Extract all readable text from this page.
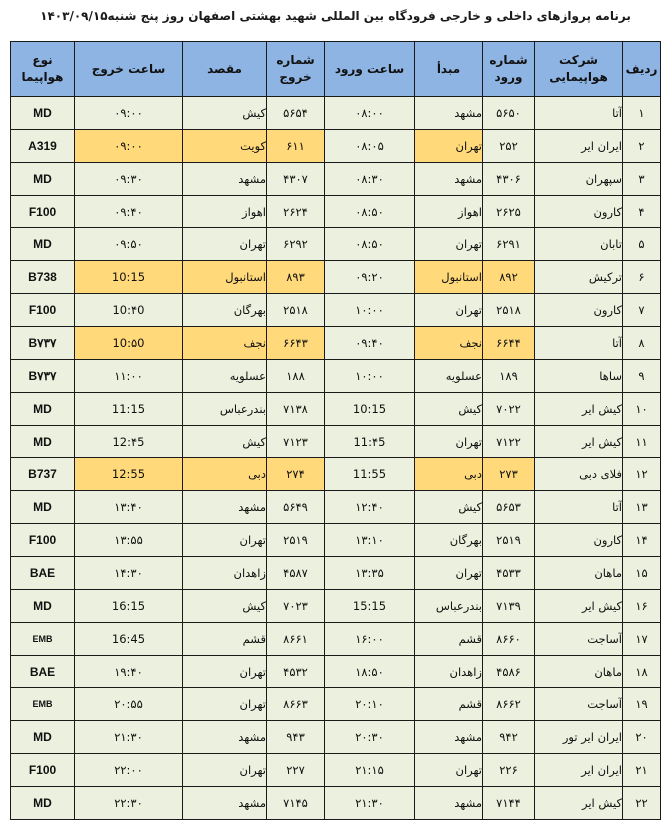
برنامه پروازهای داخلی و خارجی فرودگاه بین المللی شهید بهشتی اصفهان روز پنج شنبه۱۴۰۳/۰۹/۱۵
ردیف	شرکت هواپیمایی	شماره ورود	مبدأ	ساعت ورود	شماره خروج	مقصد	ساعت خروج	نوع هواپیما
۱	آتا	۵۶۵۰	مشهد	۰۸:۰۰	۵۶۵۴	کیش	۰۹:۰۰	MD
۲	ایران ایر	۲۵۲	تهران	۰۸:۰۵	۶۱۱	کویت	۰۹:۰۰	A319
۳	سپهران	۴۳۰۶	مشهد	۰۸:۳۰	۴۳۰۷	مشهد	۰۹:۳۰	MD
۴	کارون	۲۶۲۵	اهواز	۰۸:۵۰	۲۶۲۴	اهواز	۰۹:۴۰	F100
۵	تابان	۶۲۹۱	تهران	۰۸:۵۰	۶۲۹۲	تهران	۰۹:۵۰	MD
۶	ترکیش	۸۹۲	استانبول	۰۹:۲۰	۸۹۳	استانبول	10:15	B738
۷	کارون	۲۵۱۸	تهران	۱۰:۰۰	۲۵۱۸	بهرگان	10:۴0	F100
۸	آتا	۶۶۴۴	نجف	۰۹:۴۰	۶۶۴۳	نجف	10:۵0	B۷۳۷
۹	ساها	۱۸۹	عسلویه	۱۰:۰۰	۱۸۸	عسلویه	۱۱:۰۰	B۷۳۷
۱۰	کیش ایر	۷۰۲۲	کیش	10:15	۷۱۳۸	بندرعباس	11:15	MD
۱۱	کیش ایر	۷۱۲۲	تهران	11:۴5	۷۱۲۳	کیش	12:۴5	MD
۱۲	فلای دبی	۲۷۳	دبی	11:55	۲۷۴	دبی	12:55	B737
۱۳	آتا	۵۶۵۳	کیش	۱۲:۴۰	۵۶۴۹	مشهد	۱۳:۴۰	MD
۱۴	کارون	۲۵۱۹	بهرگان	۱۳:۱۰	۲۵۱۹	تهران	۱۳:۵۵	F100
۱۵	ماهان	۴۵۳۳	تهران	۱۳:۳۵	۴۵۸۷	زاهدان	۱۴:۳۰	BAE
۱۶	کیش ایر	۷۱۳۹	بندرعباس	15:15	۷۰۲۳	کیش	16:15	MD
۱۷	آساجت	۸۶۶۰	قشم	۱۶:۰۰	۸۶۶۱	قشم	16:45	EMB
۱۸	ماهان	۴۵۸۶	زاهدان	۱۸:۵۰	۴۵۳۲	تهران	۱۹:۴۰	BAE
۱۹	آساجت	۸۶۶۲	قشم	۲۰:۱۰	۸۶۶۳	تهران	۲۰:۵۵	EMB
۲۰	ایران ایر تور	۹۴۲	مشهد	۲۰:۳۰	۹۴۳	مشهد	۲۱:۳۰	MD
۲۱	ایران ایر	۲۲۶	تهران	۲۱:۱۵	۲۲۷	تهران	۲۲:۰۰	F100
۲۲	کیش ایر	۷۱۴۴	مشهد	۲۱:۳۰	۷۱۴۵	مشهد	۲۲:۳۰	MD
